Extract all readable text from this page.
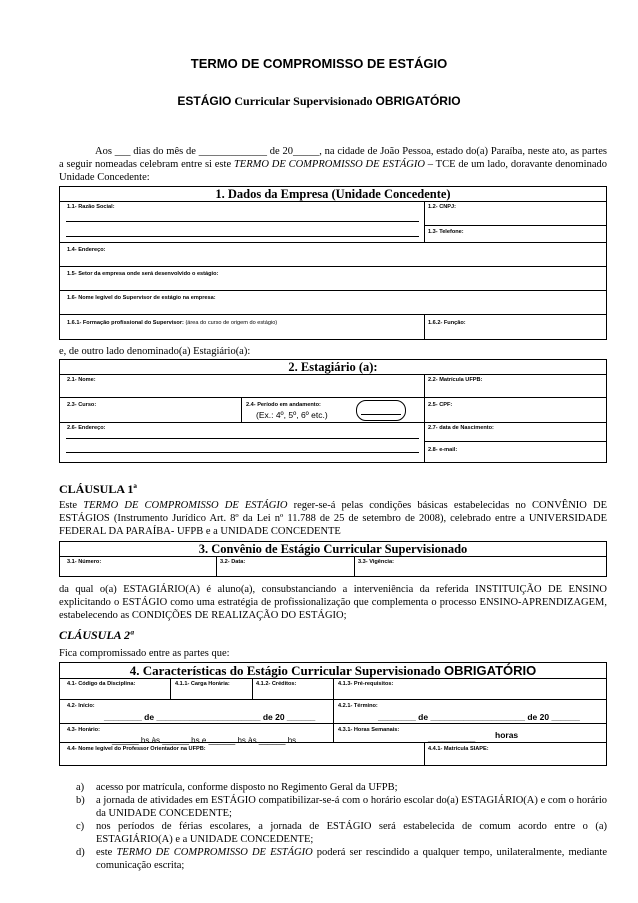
TERMO DE COMPROMISSO DE ESTÁGIO
ESTÁGIO Curricular Supervisionado OBRIGATÓRIO
Aos ___ dias do mês de _____________ de 20_____, na cidade de João Pessoa, estado do(a) Paraíba, neste ato, as partes a seguir nomeadas celebram entre si este TERMO DE COMPROMISSO DE ESTÁGIO – TCE de um lado, doravante denominado Unidade Concedente:
1. Dados da Empresa (Unidade Concedente)
1.1- Razão Social:	1.2- CNPJ:
1.3- Telefone:
1.4- Endereço:
1.5- Setor da empresa onde será desenvolvido o estágio:
1.6- Nome legível do Supervisor de estágio na empresa:
1.6.1- Formação profissional do Supervisor: (área do curso de origem do estágio)	1.6.2- Função:
e, de outro lado denominado(a) Estagiário(a):
2. Estagiário (a):
2.1- Nome:	2.2- Matrícula UFPB:
2.3- Curso:	2.4- Período em andamento:
(Ex.: 4º, 5º, 6º etc.)
2.5- CPF:
2.6- Endereço:	2.7- data de Nascimento:
2.8- e-mail:
CLÁUSULA 1ª
Este TERMO DE COMPROMISSO DE ESTÁGIO reger-se-á pelas condições básicas estabelecidas no CONVÊNIO DE ESTÁGIOS (Instrumento Jurídico Art. 8º da Lei nº 11.788 de 25 de setembro de 2008), celebrado entre a UNIVERSIDADE FEDERAL DA PARAÍBA- UFPB e a UNIDADE CONCEDENTE
3. Convênio de Estágio Curricular Supervisionado
3.1- Número:	3.2- Data:	3.3- Vigência:
da qual o(a) ESTAGIÁRIO(A) é aluno(a), consubstanciando a interveniência da referida INSTITUIÇÃO DE ENSINO explicitando o ESTÁGIO como uma estratégia de profissionalização que complementa o processo ENSINO-APRENDIZAGEM, estabelecendo as CONDIÇÕES DE REALIZAÇÃO DO ESTÁGIO;
CLÁUSULA 2ª
Fica compromissado entre as partes que:
4. Características do Estágio Curricular Supervisionado OBRIGATÓRIO
4.1- Código da Disciplina:	4.1.1- Carga Horária:	4.1.2- Créditos:	4.1.3- Pré-requisitos:
4.2- Início:
________ de ______________________ de 20 ______
4.2.1- Término:
________ de ____________________ de 20 ______
4.3- Horário:
______ hs às ______ hs e ______ hs às ______ hs
4.3.1- Horas Semanais:
__________ horas
4.4- Nome legível do Professor Orientador na UFPB:	4.4.1- Matrícula SIAPE:
a) acesso por matrícula, conforme disposto no Regimento Geral da UFPB;
b) a jornada de atividades em ESTÁGIO compatibilizar-se-á com o horário escolar do(a) ESTAGIÁRIO(A) e com o horário da UNIDADE CONCEDENTE;
c) nos períodos de férias escolares, a jornada de ESTÁGIO será estabelecida de comum acordo entre o (a) ESTAGIÁRIO(A) e a UNIDADE CONCEDENTE;
d) este TERMO DE COMPROMISSO DE ESTÁGIO poderá ser rescindido a qualquer tempo, unilateralmente, mediante comunicação escrita;
